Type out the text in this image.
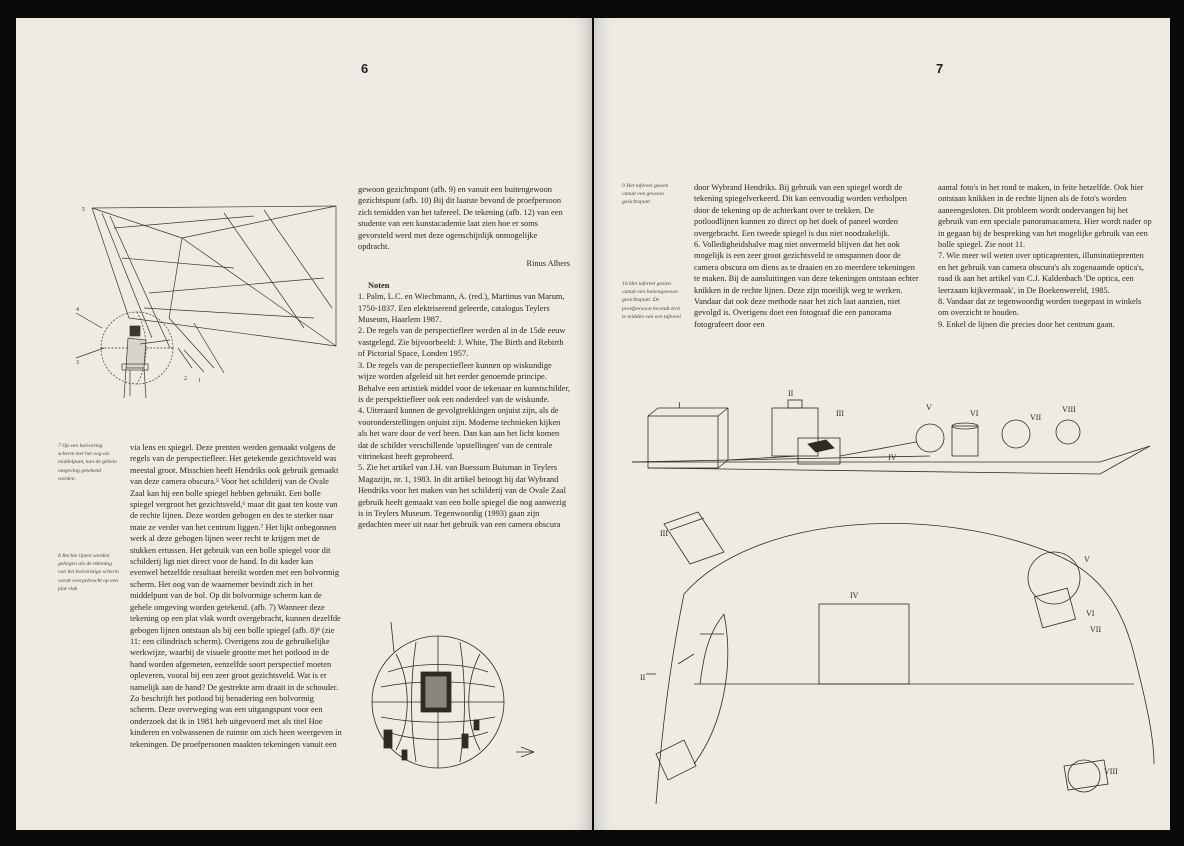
6
5
4
3
2 1

gewoon gezichtspunt (afb. 9) en vanuit een buitengewoon gezichtspunt (afb. 10) Bij dit laatste bevond de proefpersoon zich temidden van het tafereel. De tekening (afb. 12) van een studente van een kunstacademie laat zien hoe er soms gevorsteld werd met deze ogenschijnlijk onmogelijke opdracht.

Rinus Albers
Noten

1. Palm, L.C. en Wiechmann, A. (red.), Martinus van Marum, 1750-1837. Een elektriserend geleerde, catalogus Teylers Museum, Haarlem 1987.

2. De regels van de perspectiefleer werden al in de 15de eeuw vastgelegd. Zie bijvoorbeeld: J. White, The Birth and Rebirth of Pictorial Space, Londen 1957.

3. De regels van de perspectiefleer kunnen op wiskundige wijze worden afgeleid uit het eerder genoemde principe. Behalve een artistiek middel voor de tekenaar en kunstschilder, is de perspektiefleer ook een onderdeel van de wiskunde.

4. Uiteraard kunnen de gevolgtrekkingen onjuist zijn, als de vooronderstellingen onjuist zijn. Moderne technieken kijken als het ware door de verf heen. Dan kan aan het licht komen dat de schilder verschillende 'opstellingen' van de centrale vitrinekast heeft geprobeerd.

5. Zie het artikel van J.H. van Buessum Buisman in Teylers Magazijn, nr. 1, 1983. In dit artikel betoogt hij dat Wybrand Hendriks voor het maken van het schilderij van de Ovale Zaal gebruik heeft gemaakt van een bolle spiegel die nog aanwezig is in Teylers Museum. Tegenwoordig (1993) gaan zijn gedachten meer uit naar het gebruik van een camera obscura

7 Op een bolvormig scherm met het oog als middelpunt, kan de gehele omgeving getekend worden.
8 Rechte lijnen worden gebogen als de tekening van het bolvormige scherm wordt overgebracht op een plat vlak
via lens en spiegel. Deze prenten werden gemaakt volgens de regels van de perspectiefleer. Het getekende gezichtsveld was meestal groot. Misschien heeft Hendriks ook gebruik gemaakt van deze camera obscura.⁵ Voor het schilderij van de Ovale Zaal kan hij een bolle spiegel hebben gebruikt. Een bolle spiegel vergroot het gezichtsveld,⁶ maar dit gaat ten koste van de rechte lijnen. Deze worden gebogen en des te sterker naar mate ze verder van het centrum liggen.⁷ Het lijkt onbegonnen werk al deze gebogen lijnen weer recht te krijgen met de stukken ertussen. Het gebruik van een bolle spiegel voor dit schilderij ligt niet direct voor de hand. In dit kader kan evenwel hetzelfde resultaat bereikt worden met een bolvormig scherm. Het oog van de waarnemer bevindt zich in het middelpunt van de bol. Op dit bolvormige scherm kan de gehele omgeving worden getekend. (afb. 7) Wanneer deze tekening op een plat vlak wordt overgebracht, kunnen dezelfde gebogen lijnen ontstaan als bij een bolle spiegel (afb. 8)⁸ (zie 11: een cilindrisch scherm). Overigens zou de gebruikelijke werkwijze, waarbij de visuele grootte met het potlood in de hand worden afgemeten, eenzelfde soort perspectief moeten opleveren, vooral bij een zeer groot gezichtsveld. Wat is er namelijk aan de hand? De gestrekte arm draait in de schouder. Zo beschrijft het potlood bij benadering een bolvormig scherm. Deze overweging was een uitgangspunt voor een onderzoek dat ik in 1981 heb uitgevoerd met als titel Hoe kinderen en volwassenen de ruimte om zich heen weergeven in tekeningen. De proefpersonen maakten tekeningen vanuit een
7
9 Het tafereel gezien vanuit een gewoon gezichtspunt
10 Het tafereel gezien vanuit een buitengewoon gezichtspunt. De proefpersoon bevindt zich te midden van een tafereel
door Wybrand Hendriks. Bij gebruik van een spiegel wordt de tekening spiegelverkeerd. Dit kan eenvoudig worden verholpen door de tekening op de achterkant over te trekken. De potloodlijnen kunnen zo direct op het doek of paneel worden overgebracht. Een tweede spiegel is dus niet noodzakelijk.
6. Volledigheidshalve mag niet onvermeld blijven dat het ook mogelijk is een zeer groot gezichtsveld te omspannen door de camera obscura om diens as te draaien en zo meerdere tekeningen te maken. Bij de aansluitingen van deze tekeningen ontstaan echter knikken in de rechte lijnen. Deze zijn moeilijk weg te werken. Vandaar dat ook deze methode naar het zich laat aanzien, niet gevolgd is. Overigens doet een fotograaf die een panorama fotografeert door een
aantal foto's in het rond te maken, in feite hetzelfde. Ook hier ontstaan knikken in de rechte lijnen als de foto's worden aaneengesloten. Dit probleem wordt ondervangen bij het gebruik van een speciale panoramacamera. Hier wordt nader op in gegaan bij de bespreking van het mogelijke gebruik van een bolle spiegel. Zie noot 11.
7. Wie meer wil weten over opticaprenten, illuminatieprenten en het gebruik van camera obscura's als zogenaamde optica's, raad ik aan het artikel van C.J. Kaldenbach 'De optica, een leerzaam kijkvermaak', in De Boekenwereld, 1985.
8. Vandaar dat ze tegenwoordig worden toegepast in winkels om overzicht te houden.
9. Enkel de lijnen die precies door het centrum gaan.
I
II
III
IV
V
VI	VII
VIII
III
IV
V
VI
VII
II
VIII
